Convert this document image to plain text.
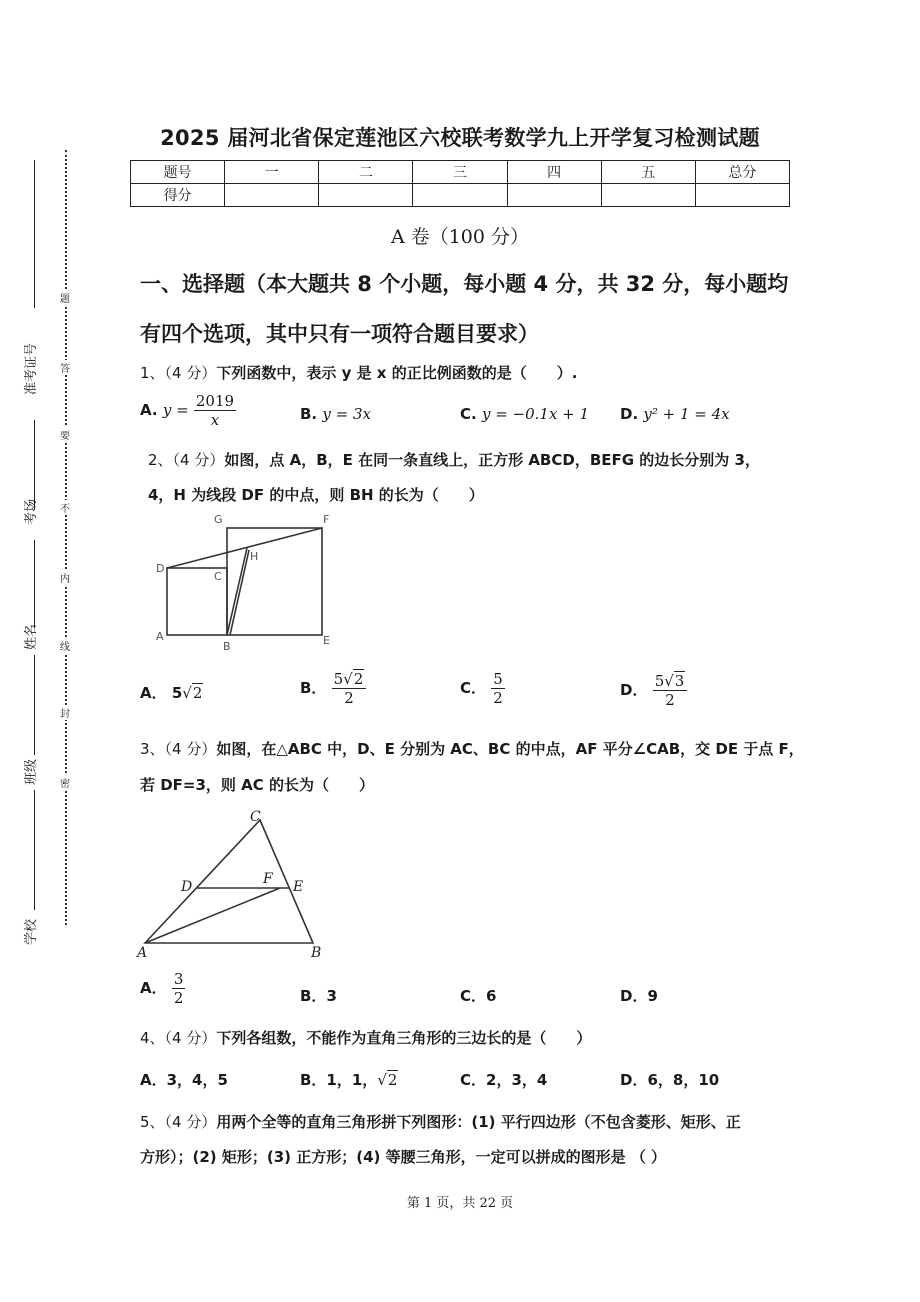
准考证号
考场
姓名
班级
学校
题
答
要
不
内
线
封
密
2025 届河北省保定莲池区六校联考数学九上开学复习检测试题
题号	一	二	三	四	五	总分
得分						
A 卷（100 分）
一、选择题（本大题共 8 个小题，每小题 4 分，共 32 分，每小题均
有四个选项，其中只有一项符合题目要求）
1、（4 分）下列函数中，表示 y 是 x 的正比例函数的是（　　）.
A. $y = \frac{2019}{x}$	B. y = 3x	C. y = −0.1x + 1 D. y² + 1 = 4x
2、（4 分）如图，点 A，B，E 在同一条直线上，正方形 ABCD，BEFG 的边长分别为 3，
4，H 为线段 DF 的中点，则 BH 的长为（　　）
G	F
D
C
H
A
B	E
A． 5√2	B． $\frac{5√2}{2}$	C． $\frac{5}{2}$	D． $\frac{5√3}{2}$
3、（4 分）如图，在△ABC 中，D、E 分别为 AC、BC 的中点，AF 平分∠CAB，交 DE 于点 F，
若 DF=3，则 AC 的长为（　　）
C
D	F E
A	B
A． $\frac{3}{2}$	B．3	C．6	D．9
4、（4 分）下列各组数，不能作为直角三角形的三边长的是（　　）
A．3，4，5	B．1，1，√2	C．2，3，4	D．6，8，10
5、（4 分）用两个全等的直角三角形拼下列图形：(1) 平行四边形（不包含菱形、矩形、正
方形）；(2) 矩形；(3) 正方形；(4) 等腰三角形，一定可以拼成的图形是 （ ）
第 1 页，共 22 页
